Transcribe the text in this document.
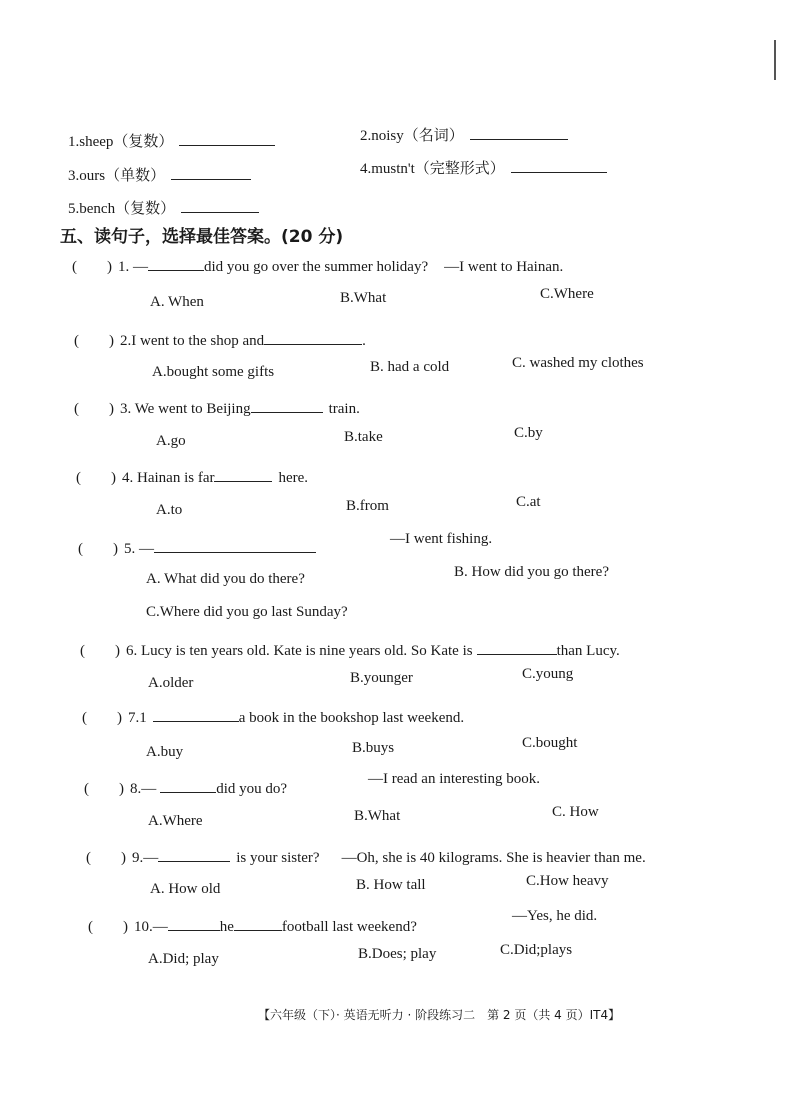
1.sheep（复数）	2.noisy（名词）
3.ours（单数）	4.mustn't（完整形式）
5.bench（复数）
五、读句子，选择最佳答案。(20 分)
( ) 1. —	did you go over the summer holiday? —I went to Hainan.
A. When	B.What	C.Where
( ) 2.I went to the shop and	.
A.bought some gifts	B. had a cold	C. washed my clothes
( ) 3. We went to Beijing	train.
A.go	B.take	C.by
( ) 4. Hainan is far	here.
A.to	B.from	C.at
( ) 5. —
—I went fishing.
A. What did you do there?	B. How did you go there?
C.Where did you go last Sunday?
( ) 6. Lucy is ten years old. Kate is nine years old. So Kate is	than Lucy.
A.older	B.younger	C.young
( ) 7.1	a book in the bookshop last weekend.
A.buy	B.buys	C.bought
( ) 8.—	did you do?
—I read an interesting book.
A.Where	B.What	C. How
( ) 9.—	is your sister? —Oh, she is 40 kilograms. She is heavier than me.
A. How old	B. How tall	C.How heavy
( ) 10.—	he	football last weekend?
—Yes, he did.
A.Did; play	B.Does; play	C.Did;plays
【六年级（下）· 英语无听力 · 阶段练习二　第 2 页（共 4 页）IT4】
